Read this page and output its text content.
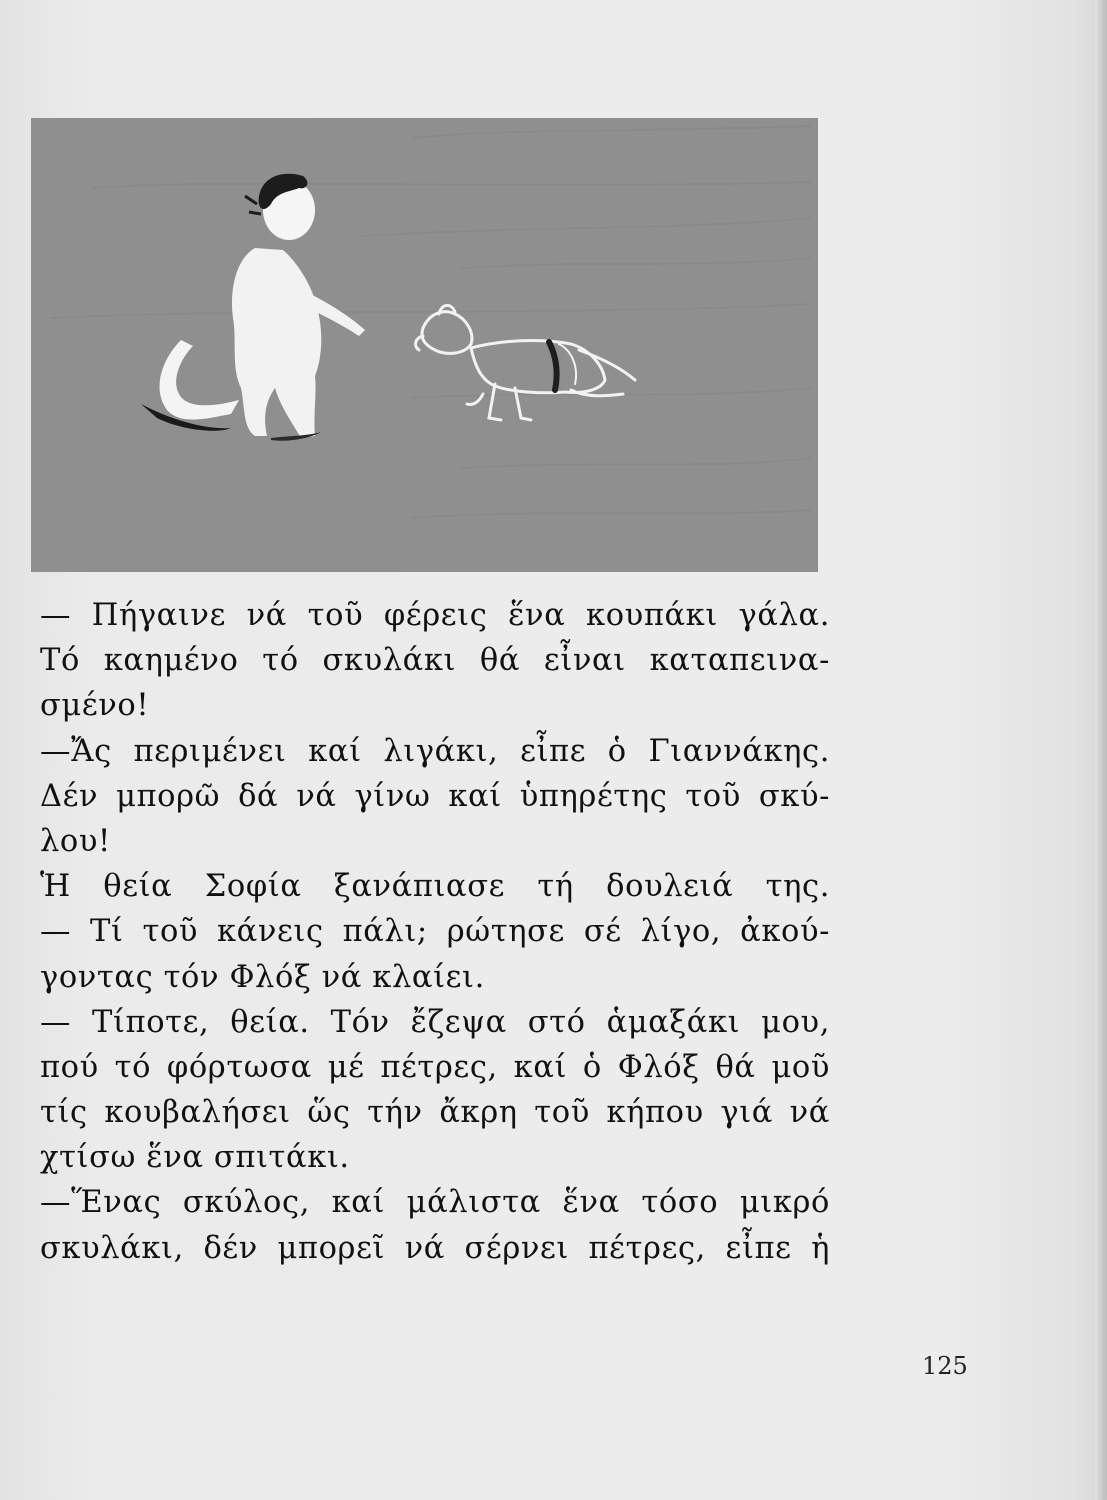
— Πήγαινε νά τοῦ φέρεις ἕνα κουπάκι γάλα.
Τό καημένο τό σκυλάκι θά εἶναι καταπεινα-
σμένο!
—Ἄς περιμένει καί λιγάκι, εἶπε ὁ Γιαννάκης.
Δέν μπορῶ δά νά γίνω καί ὑπηρέτης τοῦ σκύ-
λου!
Ἡ θεία Σοφία ξανάπιασε τή δουλειά της.
— Τί τοῦ κάνεις πάλι; ρώτησε σέ λίγο, ἀκού-
γοντας τόν Φλόξ νά κλαίει.
— Τίποτε, θεία. Τόν ἔζεψα στό ἁμαξάκι μου,
πού τό φόρτωσα μέ πέτρες, καί ὁ Φλόξ θά μοῦ
τίς κουβαλήσει ὥς τήν ἄκρη τοῦ κήπου γιά νά
χτίσω ἕνα σπιτάκι.
—Ἕνας σκύλος, καί μάλιστα ἕνα τόσο μικρό
σκυλάκι, δέν μπορεῖ νά σέρνει πέτρες, εἶπε ἡ
125
